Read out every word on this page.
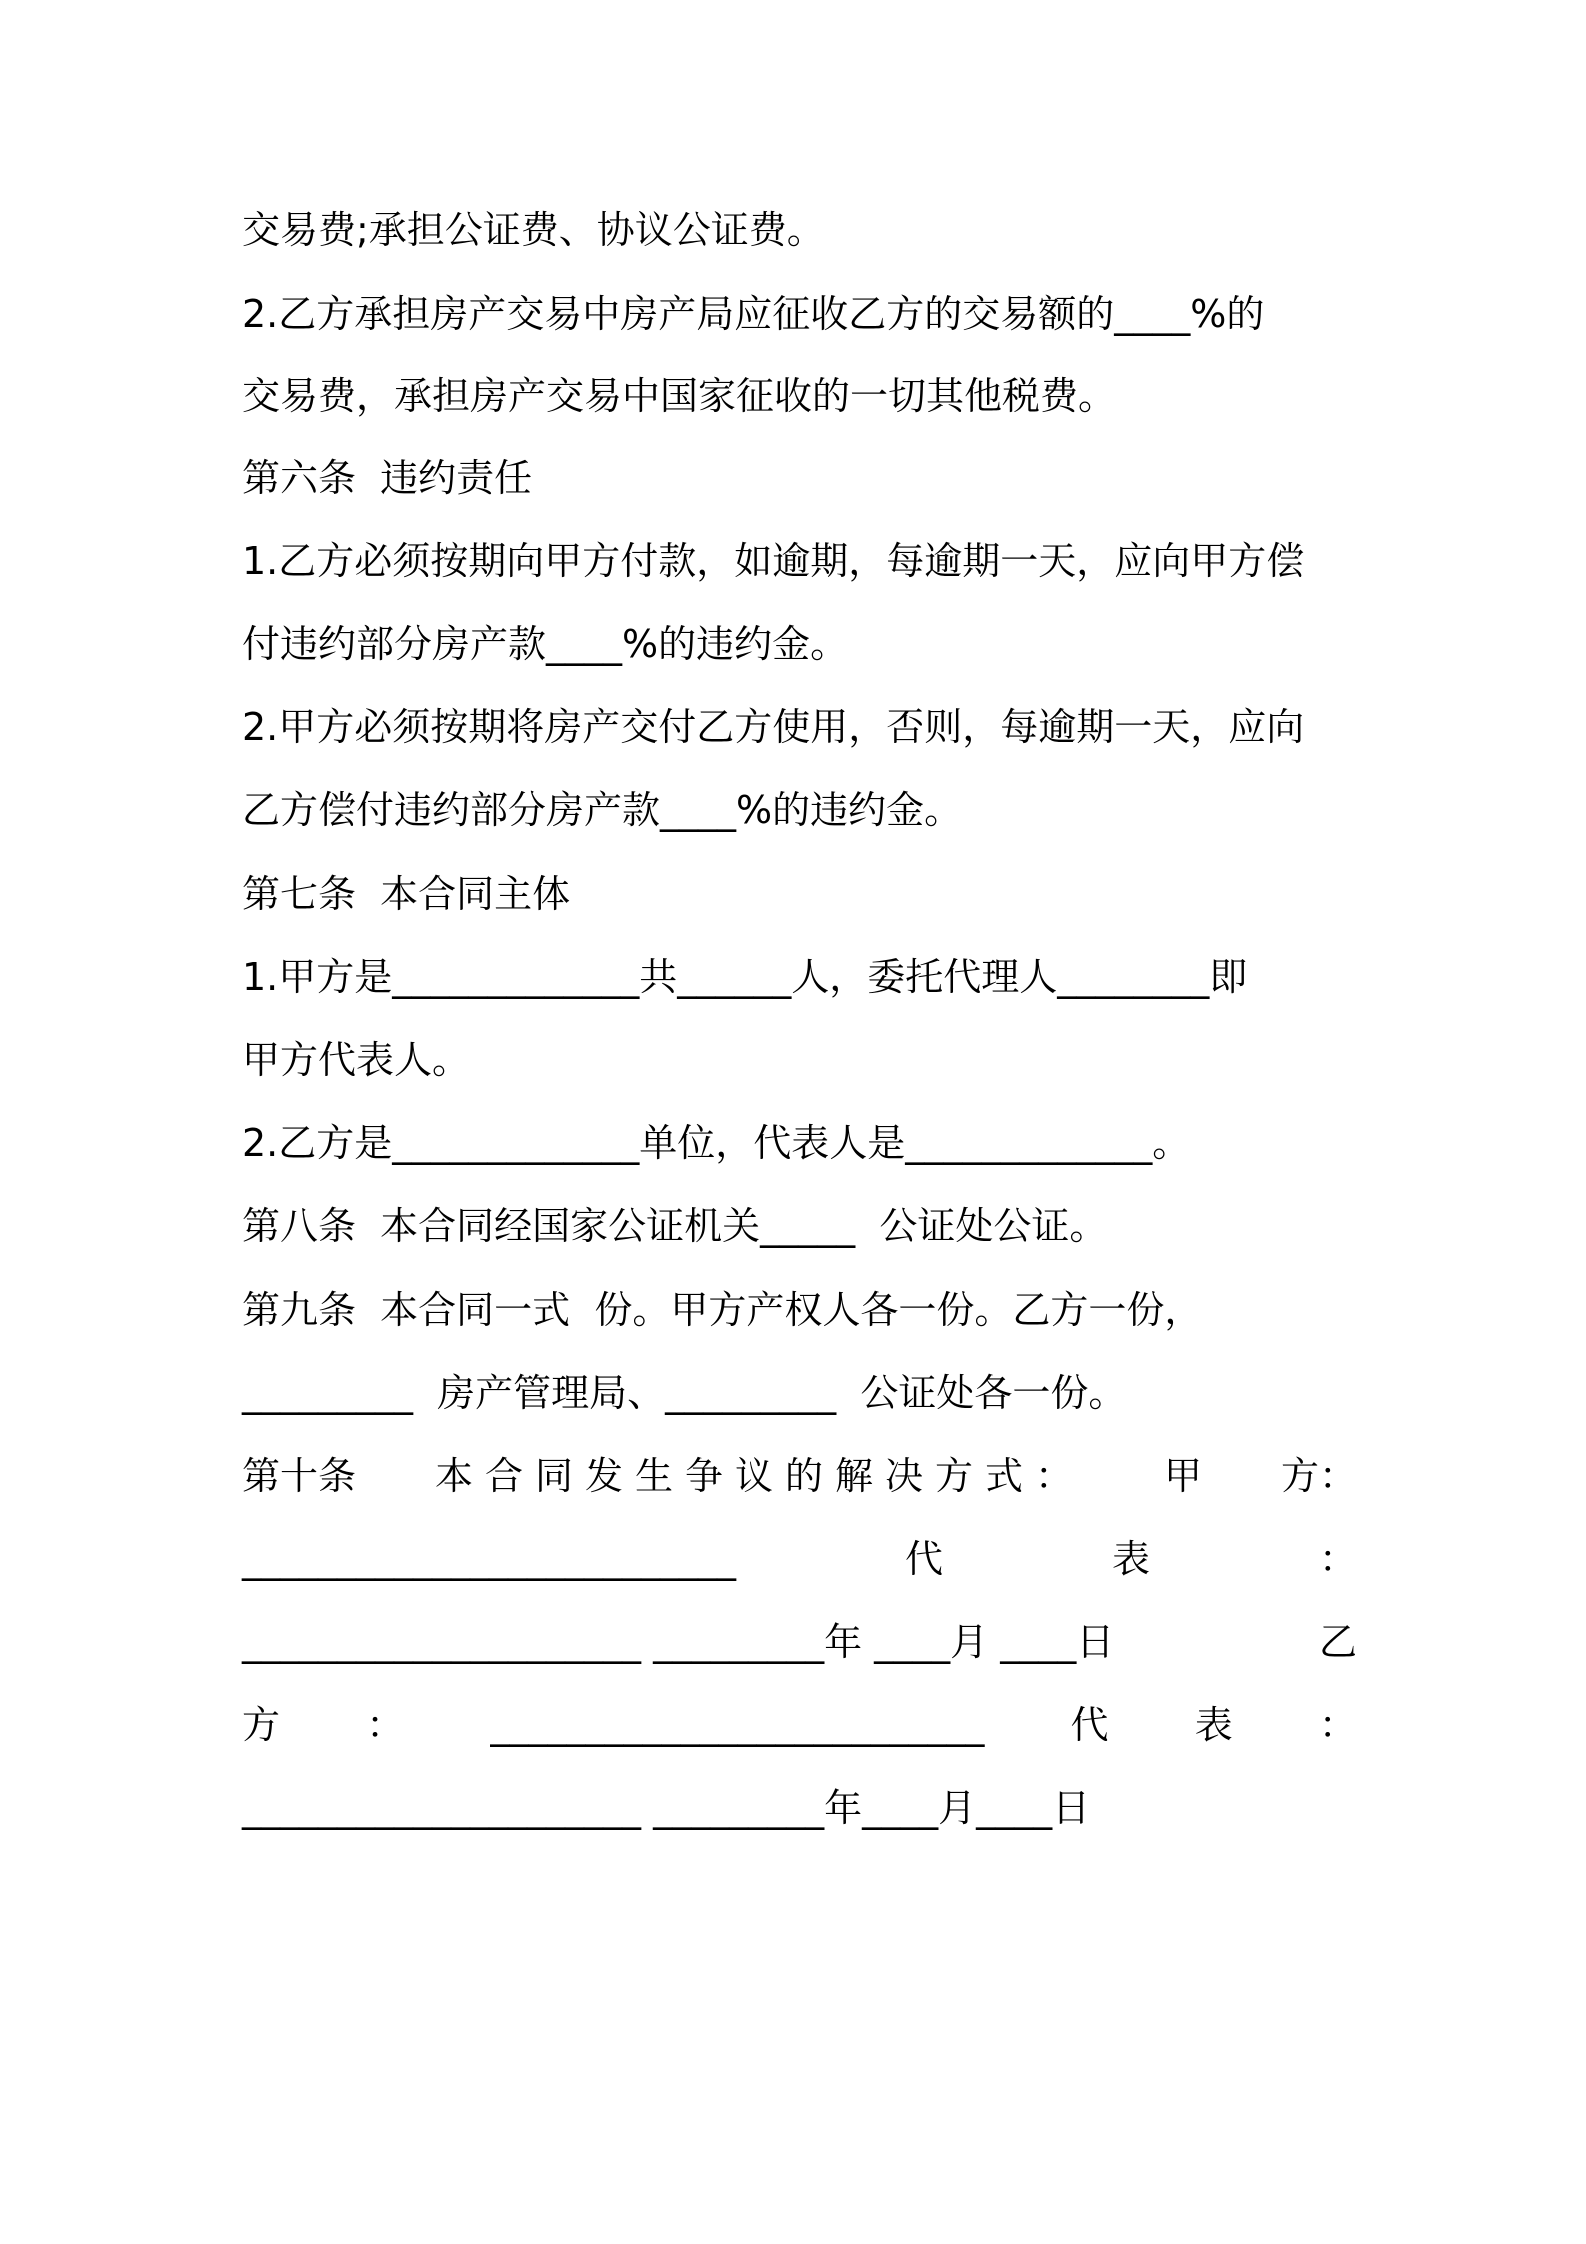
交易费;承担公证费、协议公证费。
2.乙方承担房产交易中房产局应征收乙方的交易额的____%的
交易费，承担房产交易中国家征收的一切其他税费。
第六条  违约责任
1.乙方必须按期向甲方付款，如逾期，每逾期一天，应向甲方偿
付违约部分房产款____%的违约金。
2.甲方必须按期将房产交付乙方使用，否则，每逾期一天，应向
乙方偿付违约部分房产款____%的违约金。
第七条  本合同主体
1.甲方是_____________共______人，委托代理人________即
甲方代表人。
2.乙方是_____________单位，代表人是_____________。
第八条  本合同经国家公证机关_____  公证处公证。
第九条  本合同一式  份。甲方产权人各一份。乙方一份，
_________  房产管理局、_________  公证处各一份。
第十条 本合同发生争议的解决方式： 甲 方：
__________________________	代	表	：
_____________________ _________年 ____月 ____日	乙
方 ： __________________________ 代 表 ：
_____________________ _________年____月____日
